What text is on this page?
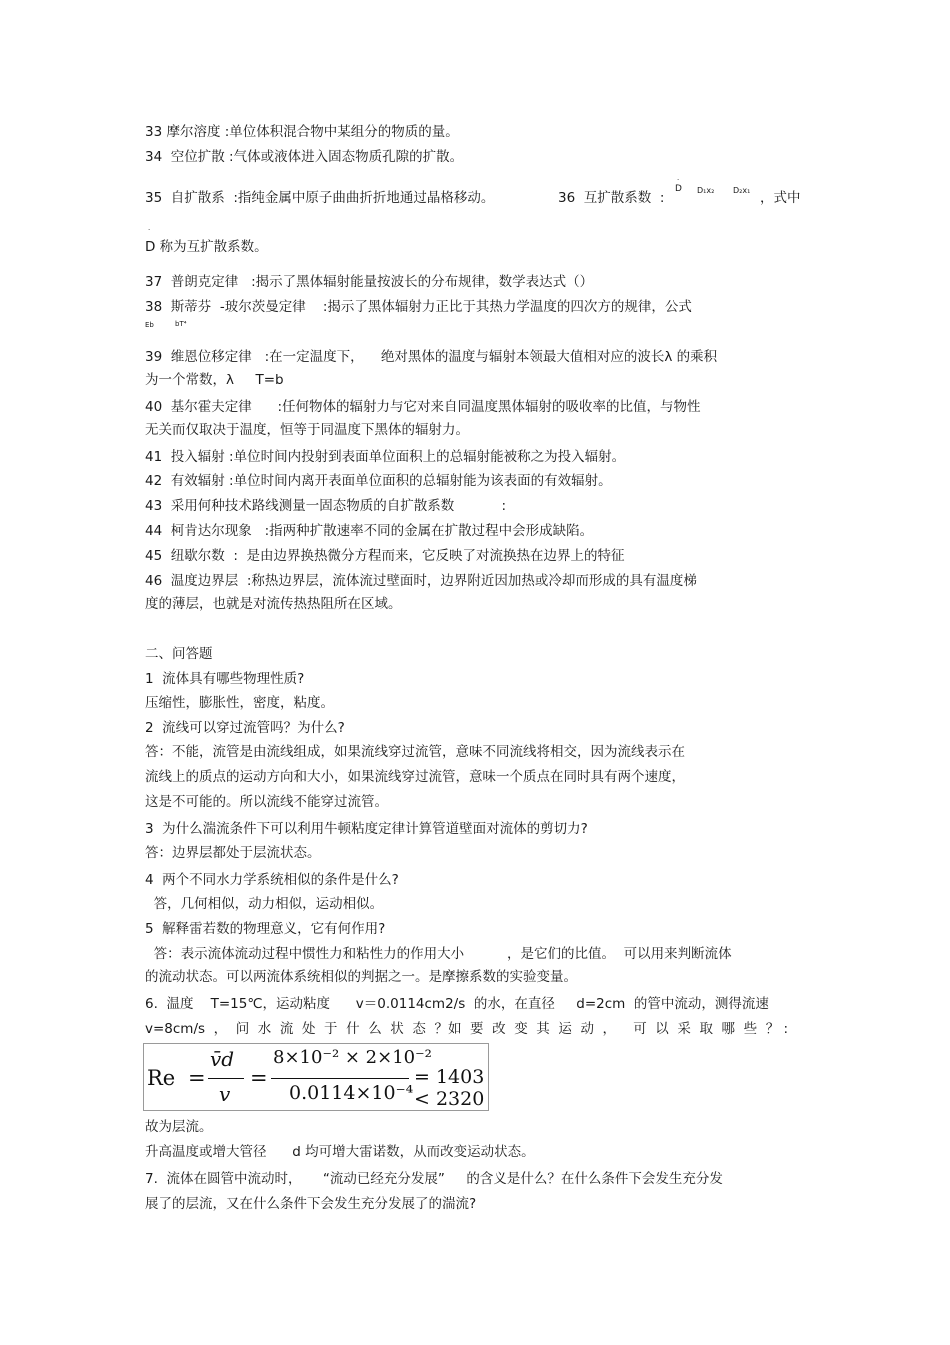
33 摩尔溶度 :单位体积混合物中某组分的物质的量。
34  空位扩散 :气体或液体进入固态物质孔隙的扩散。
35  自扩散系  :指纯金属中原子曲曲折折地通过晶格移动。	36  互扩散系数  :
D
·
D₁x₂ D₂x₁ ，式中
·
D 称为互扩散系数。
37  普朗克定律   :揭示了黑体辐射能量按波长的分布规律，数学表达式（）
38  斯蒂芬  -玻尔茨曼定律    :揭示了黑体辐射力正比于其热力学温度的四次方的规律，公式
Eb	bT⁴
39  维恩位移定律   :在一定温度下，    绝对黑体的温度与辐射本领最大值相对应的波长λ 的乘积
为一个常数，λ     T=b
40  基尔霍夫定律      :任何物体的辐射力与它对来自同温度黑体辐射的吸收率的比值，与物性
无关而仅取决于温度，恒等于同温度下黑体的辐射力。
41  投入辐射 :单位时间内投射到表面单位面积上的总辐射能被称之为投入辐射。
42  有效辐射 :单位时间内离开表面单位面积的总辐射能为该表面的有效辐射。
43  采用何种技术路线测量一固态物质的自扩散系数           :
44  柯肯达尔现象   :指两种扩散速率不同的金属在扩散过程中会形成缺陷。
45  纽歇尔数  :  是由边界换热微分方程而来，它反映了对流换热在边界上的特征
46  温度边界层  :称热边界层，流体流过壁面时，边界附近因加热或冷却而形成的具有温度梯
度的薄层，也就是对流传热热阻所在区域。
二、问答题
1  流体具有哪些物理性质?
压缩性，膨胀性，密度，粘度。
2  流线可以穿过流管吗？为什么?
答：不能，流管是由流线组成，如果流线穿过流管，意味不同流线将相交，因为流线表示在
流线上的质点的运动方向和大小，如果流线穿过流管，意味一个质点在同时具有两个速度，
这是不可能的。所以流线不能穿过流管。
3  为什么湍流条件下可以利用牛顿粘度定律计算管道壁面对流体的剪切力?
答：边界层都处于层流状态。
4  两个不同水力学系统相似的条件是什么?
答，几何相似，动力相似，运动相似。
5  解释雷若数的物理意义，它有何作用?
答：表示流体流动过程中惯性力和粘性力的作用大小          ，是它们的比值。  可以用来判断流体
的流动状态。可以两流体系统相似的判据之一。是摩擦系数的实验变量。
6.  温度    T=15℃，运动粘度      v＝0.0114cm2/s  的水，在直径     d=2cm  的管中流动，测得流速
v=8cm/s  ，  问  水  流  处  于  什  么  状  态  ？如  要  改  变  其  运  动  ，    可  以  采  取  哪  些  ？ :
Re =
v̄d
v
=
8×10⁻² × 2×10⁻²
0.0114×10⁻⁴
= 1403 < 2320
故为层流。
升高温度或增大管径      d 均可增大雷诺数，从而改变运动状态。
7.  流体在圆管中流动时，     “流动已经充分发展”     的含义是什么？在什么条件下会发生充分发
展了的层流，又在什么条件下会发生充分发展了的湍流?
